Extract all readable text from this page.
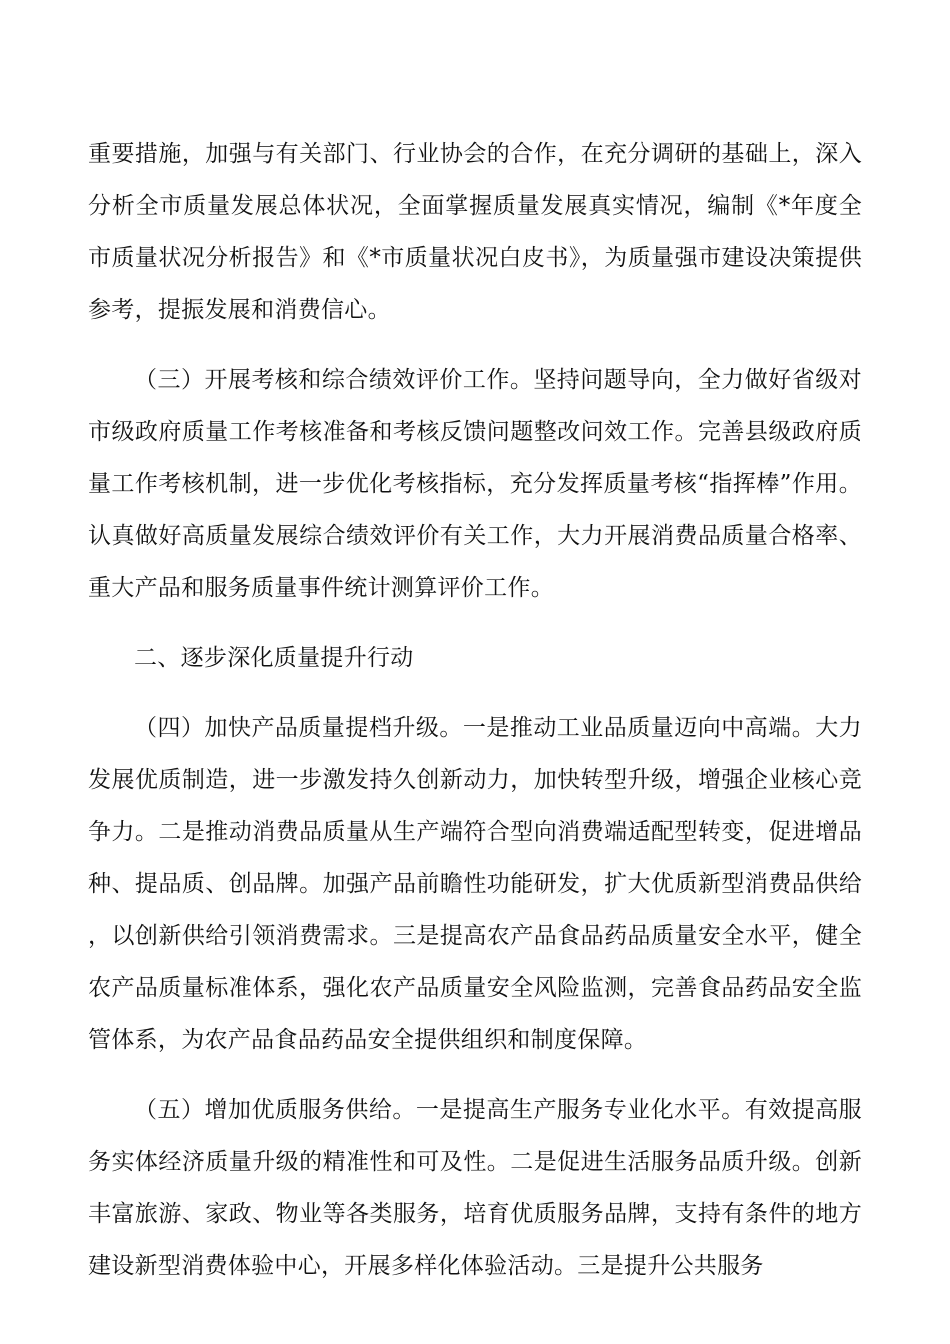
重要措施，加强与有关部门、行业协会的合作，在充分调研的基础上，深入分析全市质量发展总体状况，全面掌握质量发展真实情况，编制《*年度全市质量状况分析报告》和《*市质量状况白皮书》，为质量强市建设决策提供参考，提振发展和消费信心。

（三）开展考核和综合绩效评价工作。坚持问题导向，全力做好省级对市级政府质量工作考核准备和考核反馈问题整改问效工作。完善县级政府质量工作考核机制，进一步优化考核指标，充分发挥质量考核“指挥棒”作用。认真做好高质量发展综合绩效评价有关工作，大力开展消费品质量合格率、重大产品和服务质量事件统计测算评价工作。

二、逐步深化质量提升行动

（四）加快产品质量提档升级。一是推动工业品质量迈向中高端。大力发展优质制造，进一步激发持久创新动力，加快转型升级，增强企业核心竞争力。二是推动消费品质量从生产端符合型向消费端适配型转变，促进增品种、提品质、创品牌。加强产品前瞻性功能研发，扩大优质新型消费品供给，以创新供给引领消费需求。三是提高农产品食品药品质量安全水平，健全农产品质量标准体系，强化农产品质量安全风险监测，完善食品药品安全监管体系，为农产品食品药品安全提供组织和制度保障。

（五）增加优质服务供给。一是提高生产服务专业化水平。有效提高服务实体经济质量升级的精准性和可及性。二是促进生活服务品质升级。创新丰富旅游、家政、物业等各类服务，培育优质服务品牌，支持有条件的地方建设新型消费体验中心，开展多样化体验活动。三是提升公共服务
